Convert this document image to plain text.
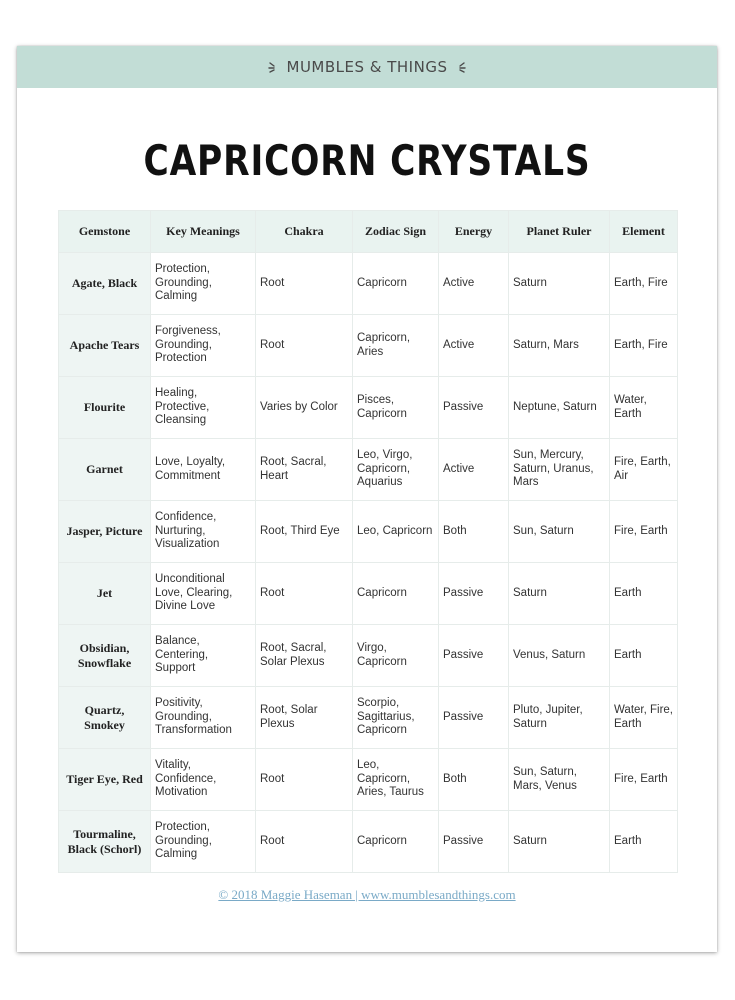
MUMBLES & THINGS
CAPRICORN CRYSTALS
Gemstone	Key Meanings	Chakra	Zodiac Sign	Energy	Planet Ruler	Element
Agate, Black	Protection, Grounding, Calming	Root	Capricorn	Active	Saturn	Earth, Fire
Apache Tears	Forgiveness, Grounding, Protection	Root	Capricorn, Aries	Active	Saturn, Mars	Earth, Fire
Flourite	Healing, Protective, Cleansing	Varies by Color	Pisces, Capricorn	Passive	Neptune, Saturn	Water, Earth
Garnet	Love, Loyalty, Commitment	Root, Sacral, Heart	Leo, Virgo, Capricorn, Aquarius	Active	Sun, Mercury, Saturn, Uranus, Mars	Fire, Earth, Air
Jasper, Picture	Confidence, Nurturing, Visualization	Root, Third Eye	Leo, Capricorn	Both	Sun, Saturn	Fire, Earth
Jet	Unconditional Love, Clearing, Divine Love	Root	Capricorn	Passive	Saturn	Earth
Obsidian, Snowflake	Balance, Centering, Support	Root, Sacral, Solar Plexus	Virgo, Capricorn	Passive	Venus, Saturn	Earth
Quartz, Smokey	Positivity, Grounding, Transformation	Root, Solar Plexus	Scorpio, Sagittarius, Capricorn	Passive	Pluto, Jupiter, Saturn	Water, Fire, Earth
Tiger Eye, Red	Vitality, Confidence, Motivation	Root	Leo, Capricorn, Aries, Taurus	Both	Sun, Saturn, Mars, Venus	Fire, Earth
Tourmaline, Black (Schorl)	Protection, Grounding, Calming	Root	Capricorn	Passive	Saturn	Earth
© 2018 Maggie Haseman | www.mumblesandthings.com
